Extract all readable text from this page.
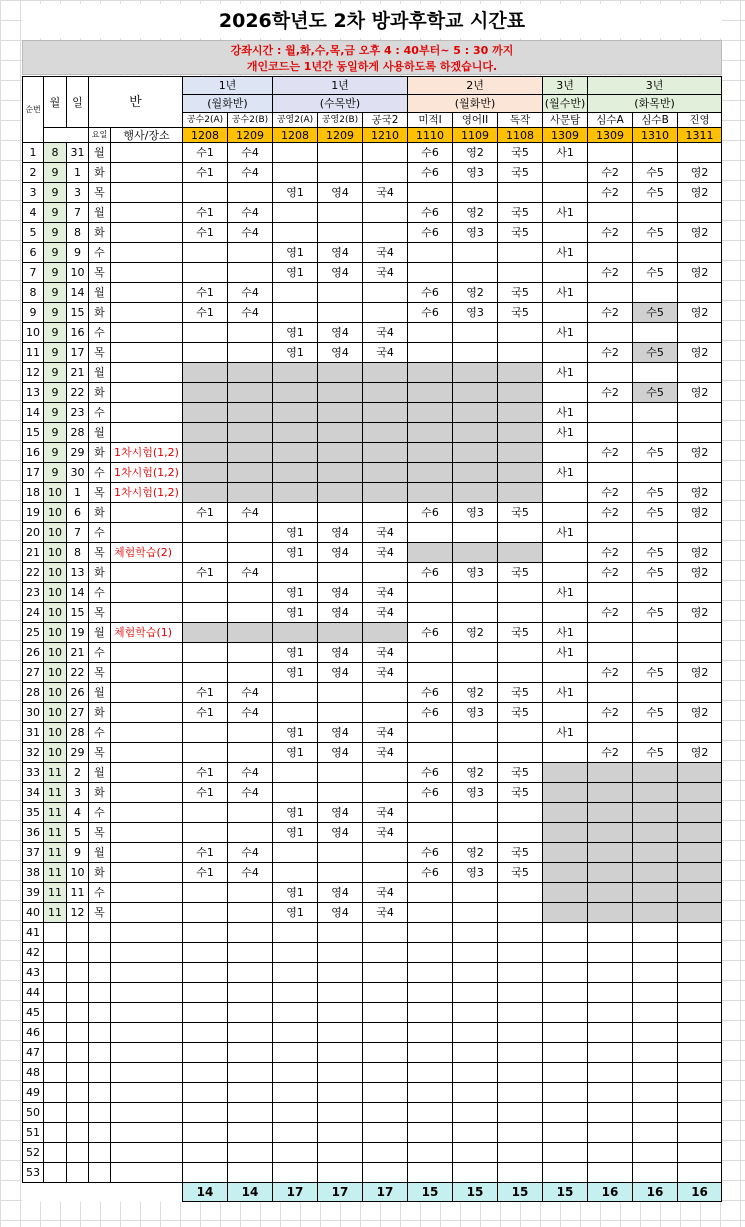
2026학년도 2차 방과후학교 시간표
강좌시간 : 월,화,수,목,금 오후 4 : 40부터~ 5 : 30 까지
개인코드는 1년간 동일하게 사용하도록 하겠습니다.
순번	월	일	반		1년		1년			2년			3년	3년		
					(월화반)		(수목반)			(월화반)			(월수반)	(화목반)		
					공수2(A)	공수2(B)	공영2(A)	공영2(B)	공국2	미적I	영어II	독작	사문탐	심수A	심수B	진영
			요일	행사/장소	1208	1209	1208	1209	1210	1110	1109	1108	1309	1309	1310	1311
1	8	31	월		수1	수4				수6	영2	국5	사1			
2	9	1	화		수1	수4				수6	영3	국5		수2	수5	영2
3	9	3	목				영1	영4	국4					수2	수5	영2
4	9	7	월		수1	수4				수6	영2	국5	사1			
5	9	8	화		수1	수4				수6	영3	국5		수2	수5	영2
6	9	9	수				영1	영4	국4				사1			
7	9	10	목				영1	영4	국4					수2	수5	영2
8	9	14	월		수1	수4				수6	영2	국5	사1			
9	9	15	화		수1	수4				수6	영3	국5		수2	수5	영2
10	9	16	수				영1	영4	국4				사1			
11	9	17	목				영1	영4	국4					수2	수5	영2
12	9	21	월										사1			
13	9	22	화											수2	수5	영2
14	9	23	수										사1			
15	9	28	월										사1			
16	9	29	화	1차시험(1,2)										수2	수5	영2
17	9	30	수	1차시험(1,2)									사1			
18	10	1	목	1차시험(1,2)										수2	수5	영2
19	10	6	화		수1	수4				수6	영3	국5		수2	수5	영2
20	10	7	수				영1	영4	국4				사1			
21	10	8	목	체험학습(2)			영1	영4	국4					수2	수5	영2
22	10	13	화		수1	수4				수6	영3	국5		수2	수5	영2
23	10	14	수				영1	영4	국4				사1			
24	10	15	목				영1	영4	국4					수2	수5	영2
25	10	19	월	체험학습(1)						수6	영2	국5	사1			
26	10	21	수				영1	영4	국4				사1			
27	10	22	목				영1	영4	국4					수2	수5	영2
28	10	26	월		수1	수4				수6	영2	국5	사1			
30	10	27	화		수1	수4				수6	영3	국5		수2	수5	영2
31	10	28	수				영1	영4	국4				사1			
32	10	29	목				영1	영4	국4					수2	수5	영2
33	11	2	월		수1	수4				수6	영2	국5				
34	11	3	화		수1	수4				수6	영3	국5				
35	11	4	수				영1	영4	국4							
36	11	5	목				영1	영4	국4							
37	11	9	월		수1	수4				수6	영2	국5				
38	11	10	화		수1	수4				수6	영3	국5				
39	11	11	수				영1	영4	국4							
40	11	12	목				영1	영4	국4							
41																
42																
43																
44																
45																
46																
47																
48																
49																
50																
51																
52																
53																
					14	14	17	17	17	15	15	15	15	16	16	16
